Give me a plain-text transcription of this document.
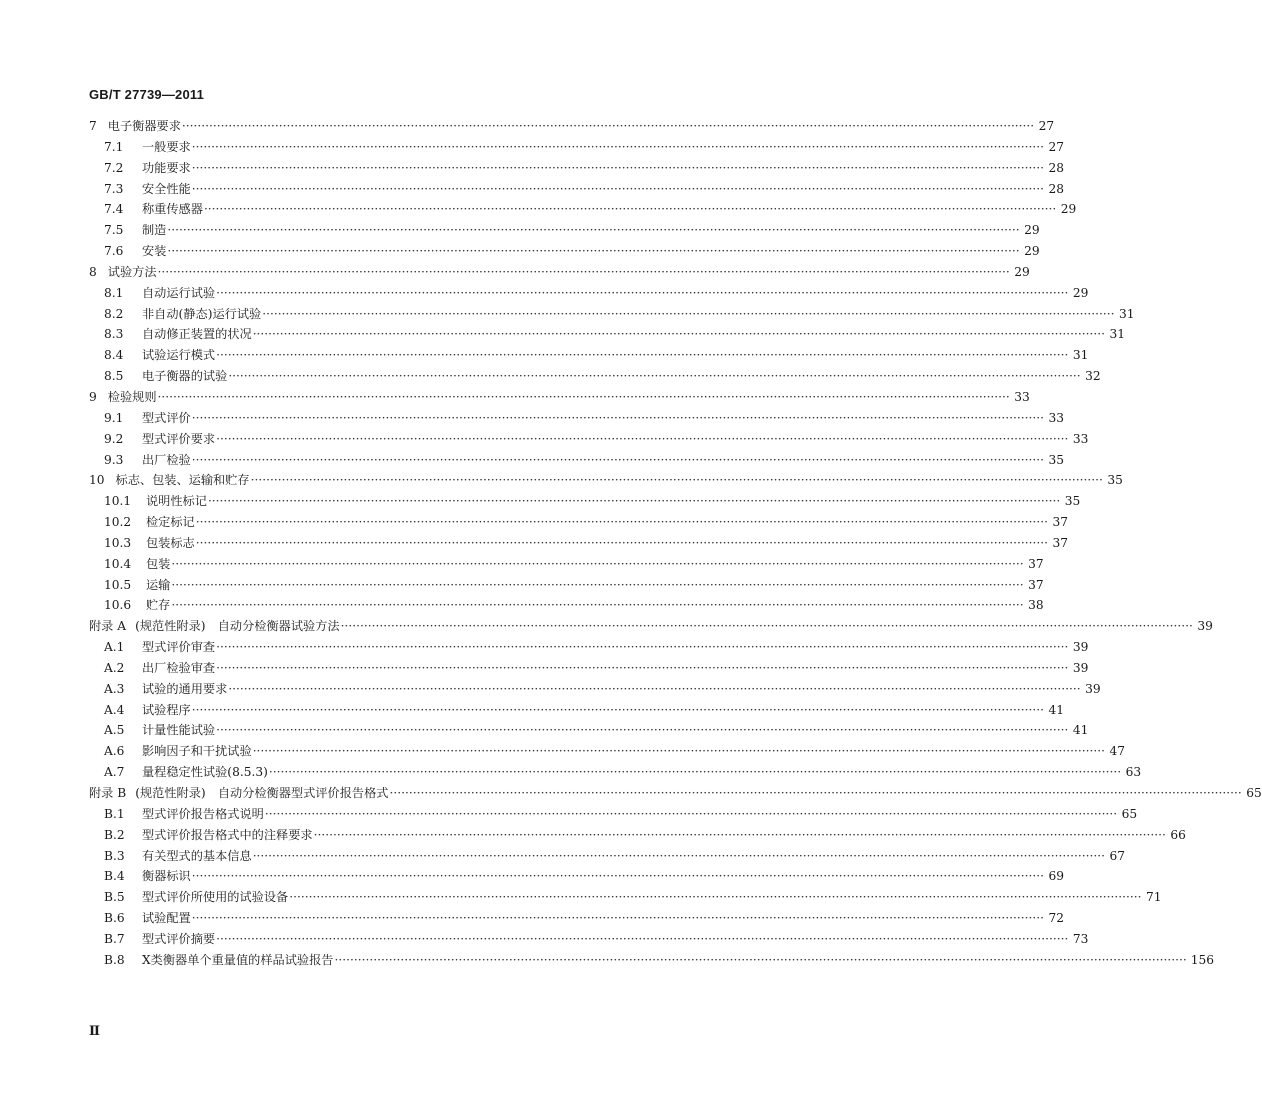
GB/T 27739—2011
7 电子衡器要求 ···························································································································································································································· 27
7.1	一般要求 ···························································································································································································································· 27
7.2	功能要求 ···························································································································································································································· 28
7.3	安全性能 ···························································································································································································································· 28
7.4	称重传感器 ···························································································································································································································· 29
7.5	制造 ···························································································································································································································· 29
7.6	安装 ···························································································································································································································· 29
8 试验方法 ···························································································································································································································· 29
8.1	自动运行试验 ···························································································································································································································· 29
8.2	非自动(静态)运行试验 ···························································································································································································································· 31
8.3	自动修正装置的状况 ···························································································································································································································· 31
8.4	试验运行模式 ···························································································································································································································· 31
8.5	电子衡器的试验 ···························································································································································································································· 32
9 检验规则 ···························································································································································································································· 33
9.1	型式评价 ···························································································································································································································· 33
9.2	型式评价要求 ···························································································································································································································· 33
9.3	出厂检验 ···························································································································································································································· 35
10 标志、包装、运输和贮存 ···························································································································································································································· 35
10.1	说明性标记 ···························································································································································································································· 35
10.2	检定标记 ···························································································································································································································· 37
10.3	包装标志 ···························································································································································································································· 37
10.4	包装 ···························································································································································································································· 37
10.5	运输 ···························································································································································································································· 37
10.6	贮存 ···························································································································································································································· 38
附录 A (规范性附录)　自动分检衡器试验方法 ···························································································································································································································· 39
A.1	型式评价审查 ···························································································································································································································· 39
A.2	出厂检验审查 ···························································································································································································································· 39
A.3	试验的通用要求 ···························································································································································································································· 39
A.4	试验程序 ···························································································································································································································· 41
A.5	计量性能试验 ···························································································································································································································· 41
A.6	影响因子和干扰试验 ···························································································································································································································· 47
A.7	量程稳定性试验(8.5.3) ···························································································································································································································· 63
附录 B (规范性附录)　自动分检衡器型式评价报告格式 ···························································································································································································································· 65
B.1	型式评价报告格式说明 ···························································································································································································································· 65
B.2	型式评价报告格式中的注释要求 ···························································································································································································································· 66
B.3	有关型式的基本信息 ···························································································································································································································· 67
B.4	衡器标识 ···························································································································································································································· 69
B.5	型式评价所使用的试验设备 ···························································································································································································································· 71
B.6	试验配置 ···························································································································································································································· 72
B.7	型式评价摘要 ···························································································································································································································· 73
B.8	X类衡器单个重量值的样品试验报告 ···························································································································································································································· 156
Ⅱ
